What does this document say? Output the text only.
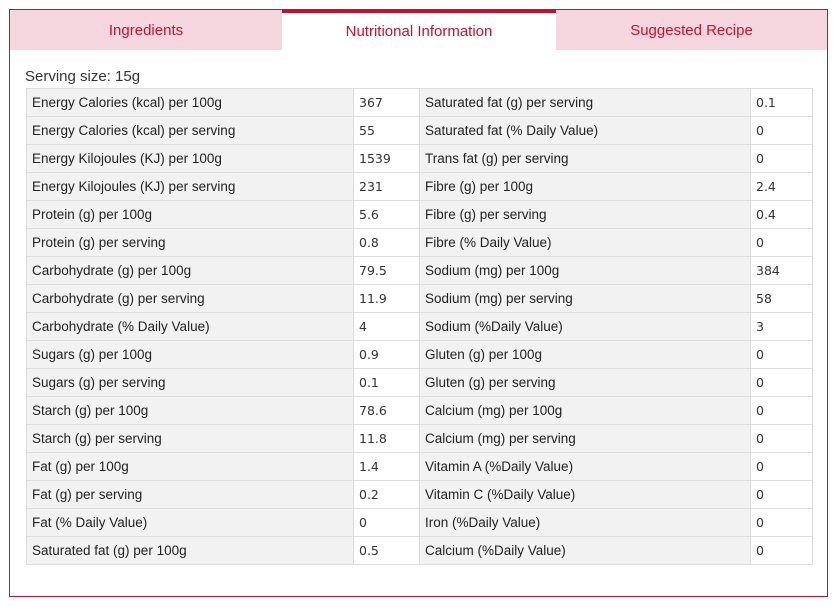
Ingredients	Nutritional Information	Suggested Recipe
Serving size: 15g
Energy Calories (kcal) per 100g	367	Saturated fat (g) per serving	0.1
Energy Calories (kcal) per serving	55	Saturated fat (% Daily Value)	0
Energy Kilojoules (KJ) per 100g	1539	Trans fat (g) per serving	0
Energy Kilojoules (KJ) per serving	231	Fibre (g) per 100g	2.4
Protein (g) per 100g	5.6	Fibre (g) per serving	0.4
Protein (g) per serving	0.8	Fibre (% Daily Value)	0
Carbohydrate (g) per 100g	79.5	Sodium (mg) per 100g	384
Carbohydrate (g) per serving	11.9	Sodium (mg) per serving	58
Carbohydrate (% Daily Value)	4	Sodium (%Daily Value)	3
Sugars (g) per 100g	0.9	Gluten (g) per 100g	0
Sugars (g) per serving	0.1	Gluten (g) per serving	0
Starch (g) per 100g	78.6	Calcium (mg) per 100g	0
Starch (g) per serving	11.8	Calcium (mg) per serving	0
Fat (g) per 100g	1.4	Vitamin A (%Daily Value)	0
Fat (g) per serving	0.2	Vitamin C (%Daily Value)	0
Fat (% Daily Value)	0	Iron (%Daily Value)	0
Saturated fat (g) per 100g	0.5	Calcium (%Daily Value)	0
